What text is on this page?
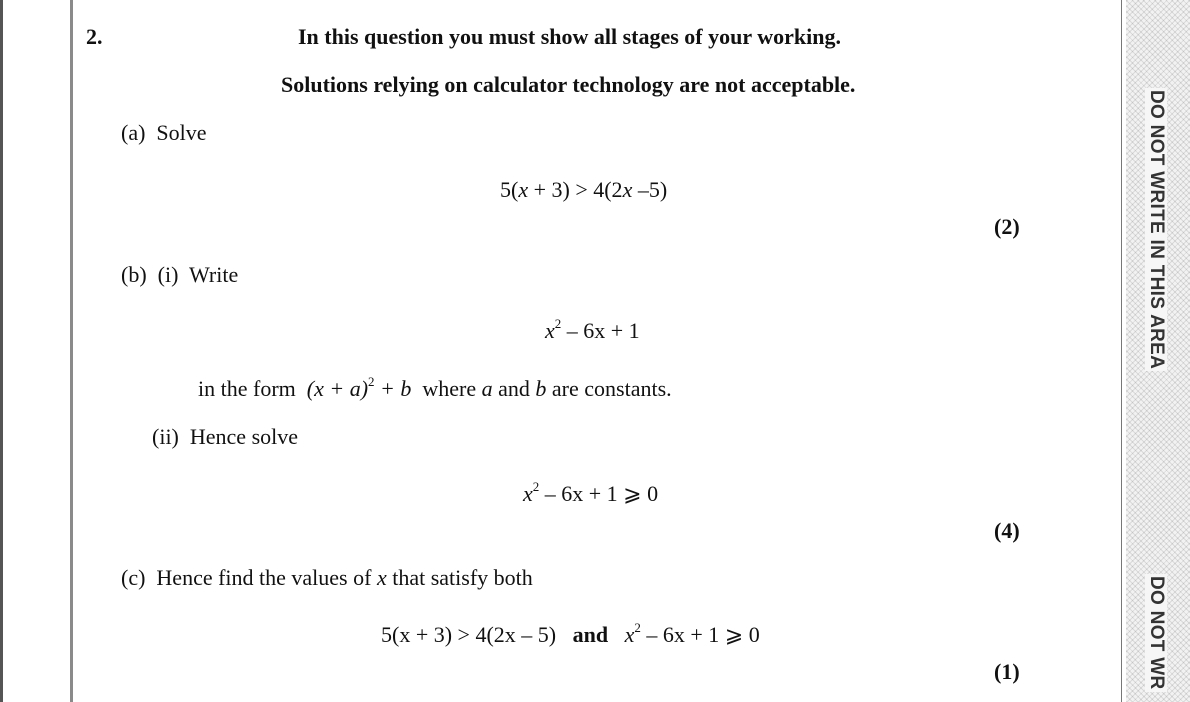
DO NOT WRITE IN THIS AREA
DO NOT WR
2.	In this question you must show all stages of your working.
Solutions relying on calculator technology are not acceptable.
(a) Solve
5(x + 3) > 4(2x –5)
(2)
(b) (i) Write
$x^2 - 6x + 1$
in the form $(x + a)^2 + b$ where a and b are constants.
(ii) Hence solve
$x^2 - 6x + 1$ ⩾ 0
(4)
(c) Hence find the values of x that satisfy both
5(x + 3) > 4(2x – 5) and $x^2 - 6x + 1$ ⩾ 0
(1)
